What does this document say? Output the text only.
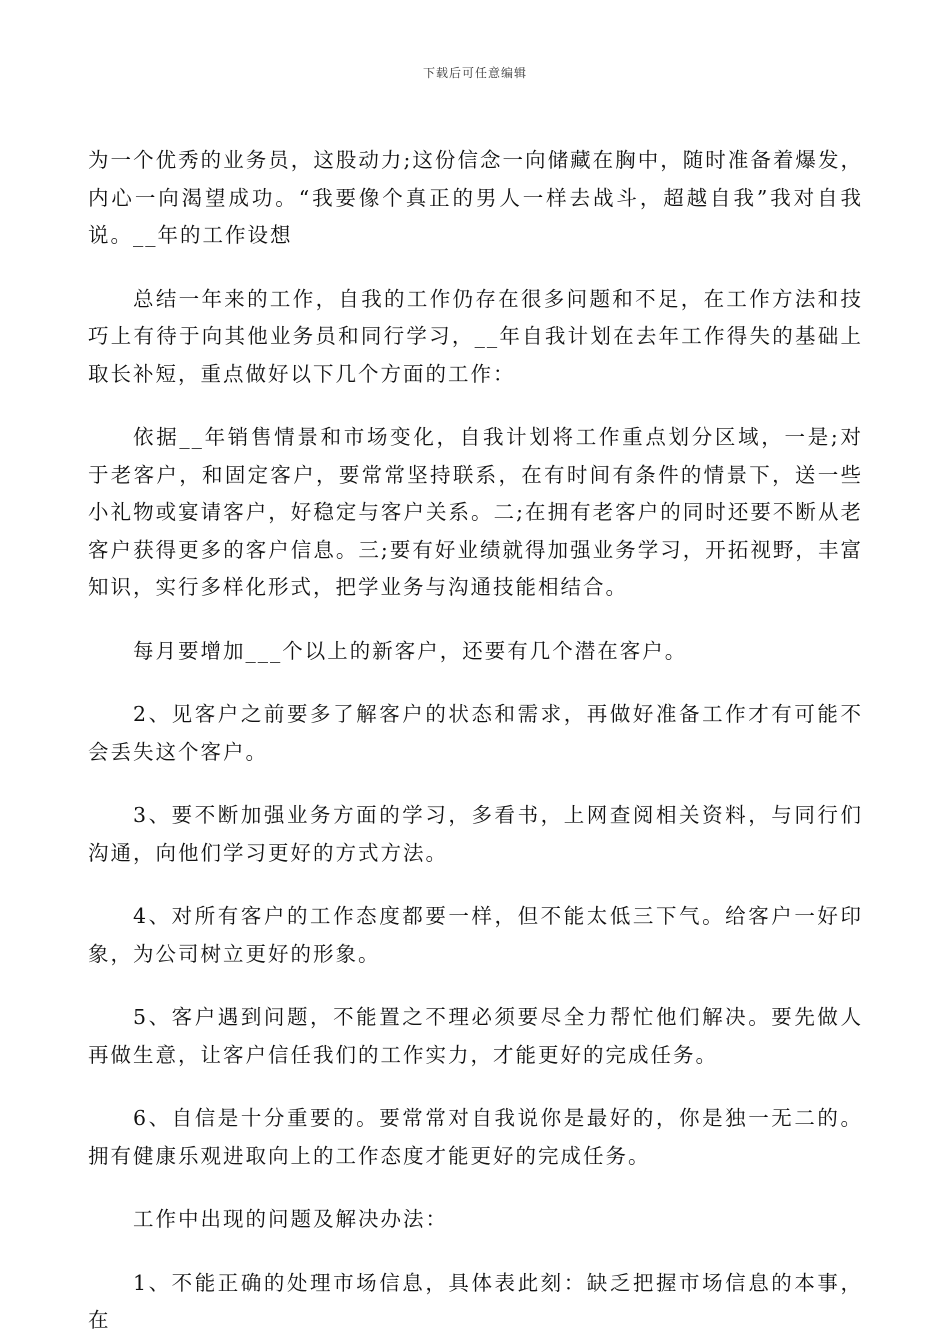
下载后可任意编辑

为一个优秀的业务员，这股动力;这份信念一向储藏在胸中，随时准备着爆发，内心一向渴望成功。“我要像个真正的男人一样去战斗，超越自我”我对自我说。__年的工作设想

总结一年来的工作，自我的工作仍存在很多问题和不足，在工作方法和技巧上有待于向其他业务员和同行学习，__年自我计划在去年工作得失的基础上取长补短，重点做好以下几个方面的工作：

依据__年销售情景和市场变化，自我计划将工作重点划分区域，一是;对于老客户，和固定客户，要常常坚持联系，在有时间有条件的情景下，送一些小礼物或宴请客户，好稳定与客户关系。二;在拥有老客户的同时还要不断从老客户获得更多的客户信息。三;要有好业绩就得加强业务学习，开拓视野，丰富知识，实行多样化形式，把学业务与沟通技能相结合。

每月要增加___个以上的新客户，还要有几个潜在客户。

2、见客户之前要多了解客户的状态和需求，再做好准备工作才有可能不会丢失这个客户。

3、要不断加强业务方面的学习，多看书，上网查阅相关资料，与同行们沟通，向他们学习更好的方式方法。

4、对所有客户的工作态度都要一样，但不能太低三下气。给客户一好印象，为公司树立更好的形象。

5、客户遇到问题，不能置之不理必须要尽全力帮忙他们解决。要先做人再做生意，让客户信任我们的工作实力，才能更好的完成任务。

6、自信是十分重要的。要常常对自我说你是最好的，你是独一无二的。拥有健康乐观进取向上的工作态度才能更好的完成任务。

工作中出现的问题及解决办法：

1、不能正确的处理市场信息，具体表此刻：缺乏把握市场信息的本事，在
